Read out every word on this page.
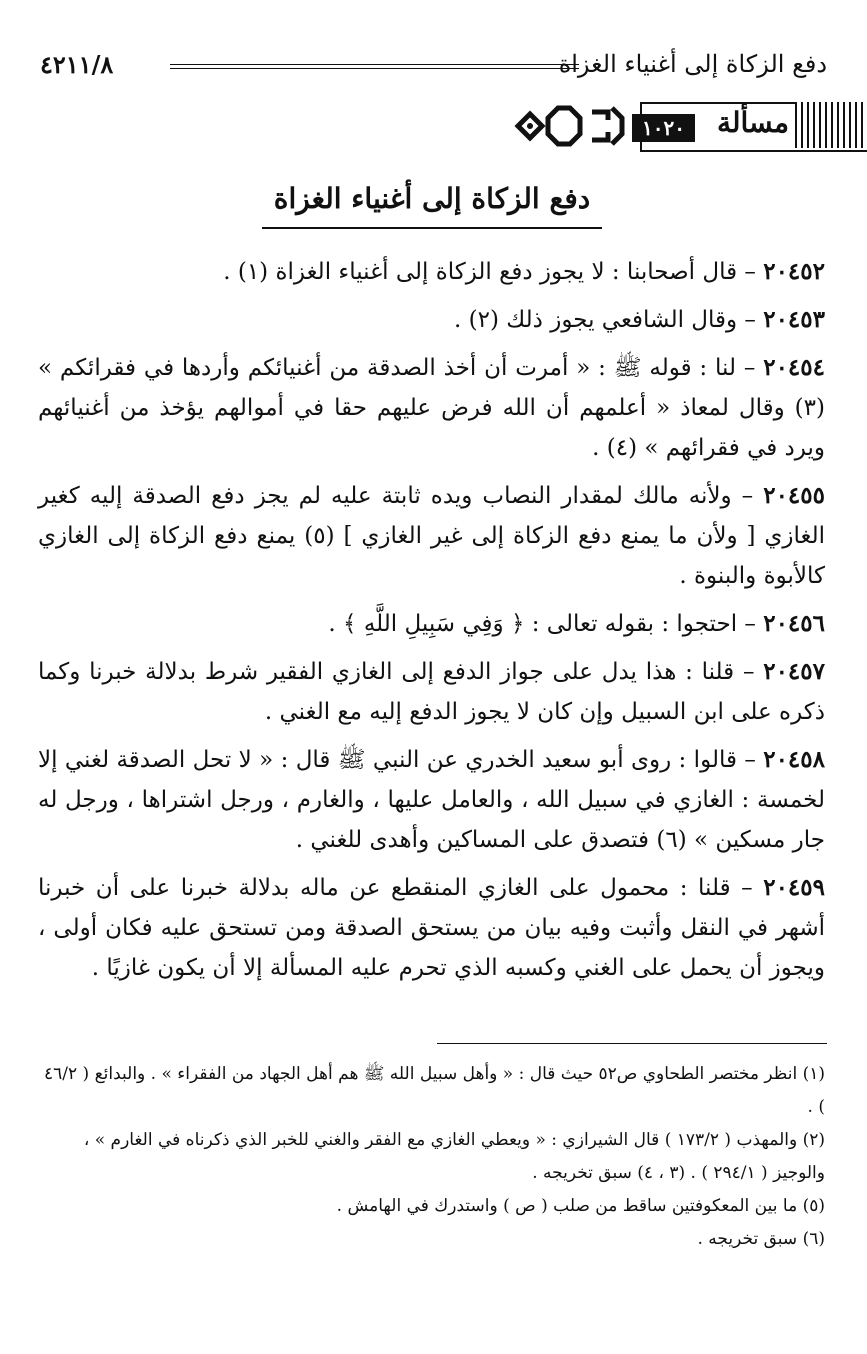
دفع الزكاة إلى أغنياء الغزاة
٤٢١١/٨
مسألة
١٠٢٠
دفع الزكاة إلى أغنياء الغزاة

٢٠٤٥٢ – قال أصحابنا : لا يجوز دفع الزكاة إلى أغنياء الغزاة (١) .

٢٠٤٥٣ – وقال الشافعي يجوز ذلك (٢) .

٢٠٤٥٤ – لنا : قوله ﷺ : « أمرت أن أخذ الصدقة من أغنيائكم وأردها في فقرائكم » (٣) وقال لمعاذ « أعلمهم أن الله فرض عليهم حقا في أموالهم يؤخذ من أغنيائهم ويرد في فقرائهم » (٤) .

٢٠٤٥٥ – ولأنه مالك لمقدار النصاب ويده ثابتة عليه لم يجز دفع الصدقة إليه كغير الغازي [ ولأن ما يمنع دفع الزكاة إلى غير الغازي ] (٥) يمنع دفع الزكاة إلى الغازي كالأبوة والبنوة .

٢٠٤٥٦ – احتجوا : بقوله تعالى : ﴿ وَفِي سَبِيلِ اللَّهِ ﴾ .

٢٠٤٥٧ – قلنا : هذا يدل على جواز الدفع إلى الغازي الفقير شرط بدلالة خبرنا وكما ذكره على ابن السبيل وإن كان لا يجوز الدفع إليه مع الغني .

٢٠٤٥٨ – قالوا : روى أبو سعيد الخدري عن النبي ﷺ قال : « لا تحل الصدقة لغني إلا لخمسة : الغازي في سبيل الله ، والعامل عليها ، والغارم ، ورجل اشتراها ، ورجل له جار مسكين » (٦) فتصدق على المساكين وأهدى للغني .

٢٠٤٥٩ – قلنا : محمول على الغازي المنقطع عن ماله بدلالة خبرنا على أن خبرنا أشهر في النقل وأثبت وفيه بيان من يستحق الصدقة ومن تستحق عليه فكان أولى ، ويجوز أن يحمل على الغني وكسبه الذي تحرم عليه المسألة إلا أن يكون غازيًا .

(١) انظر مختصر الطحاوي ص٥٢ حيث قال : « وأهل سبيل الله ﷺ هم أهل الجهاد من الفقراء » . والبدائع ( ٤٦/٢ ) .

(٢) والمهذب ( ١٧٣/٢ ) قال الشيرازي : « ويعطي الغازي مع الفقر والغني للخبر الذي ذكرناه في الغارم » ، والوجيز ( ٢٩٤/١ ) . (٣ ، ٤) سبق تخريجه .

(٥) ما بين المعكوفتين ساقط من صلب ( ص ) واستدرك في الهامش .

(٦) سبق تخريجه .
